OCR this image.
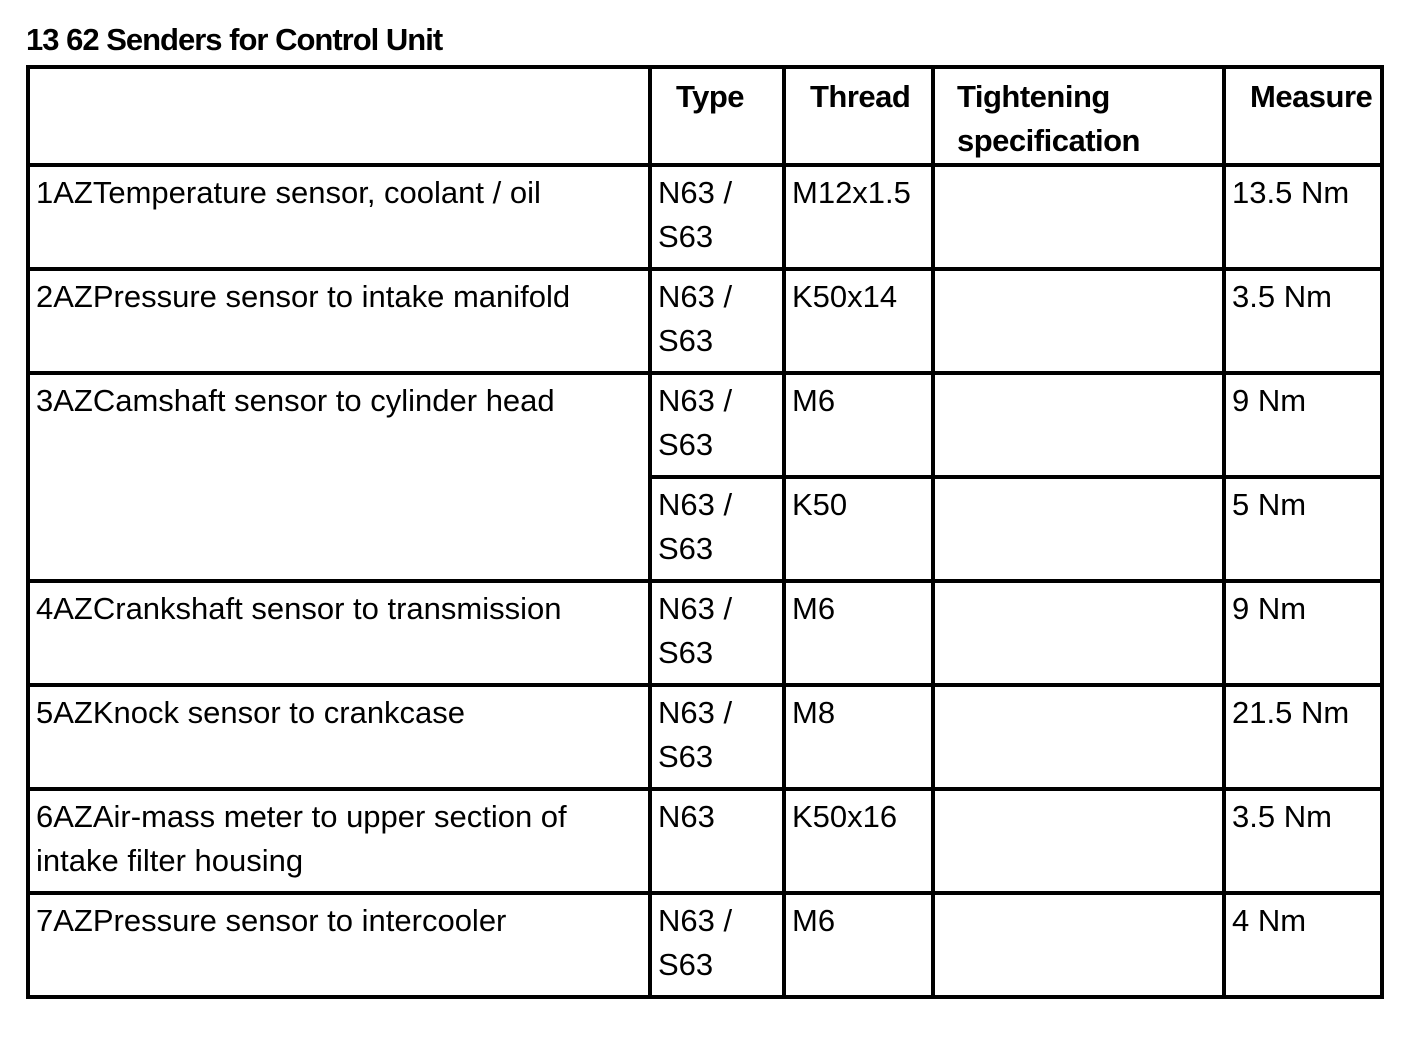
13 62 Senders for Control Unit

	Type	Thread	Tightening specification	Measure

1AZTemperature sensor, coolant / oil	N63 / S63	M12x1.5		13.5 Nm

2AZPressure sensor to intake manifold	N63 / S63	K50x14		3.5 Nm

3AZCamshaft sensor to cylinder head	N63 / S63	M6		9 Nm

	N63 / S63	K50		5 Nm

4AZCrankshaft sensor to transmission	N63 / S63	M6		9 Nm

5AZKnock sensor to crankcase	N63 / S63	M8		21.5 Nm

6AZAir-mass meter to upper section of intake filter housing	N63	K50x16		3.5 Nm

7AZPressure sensor to intercooler	N63 / S63	M6		4 Nm
